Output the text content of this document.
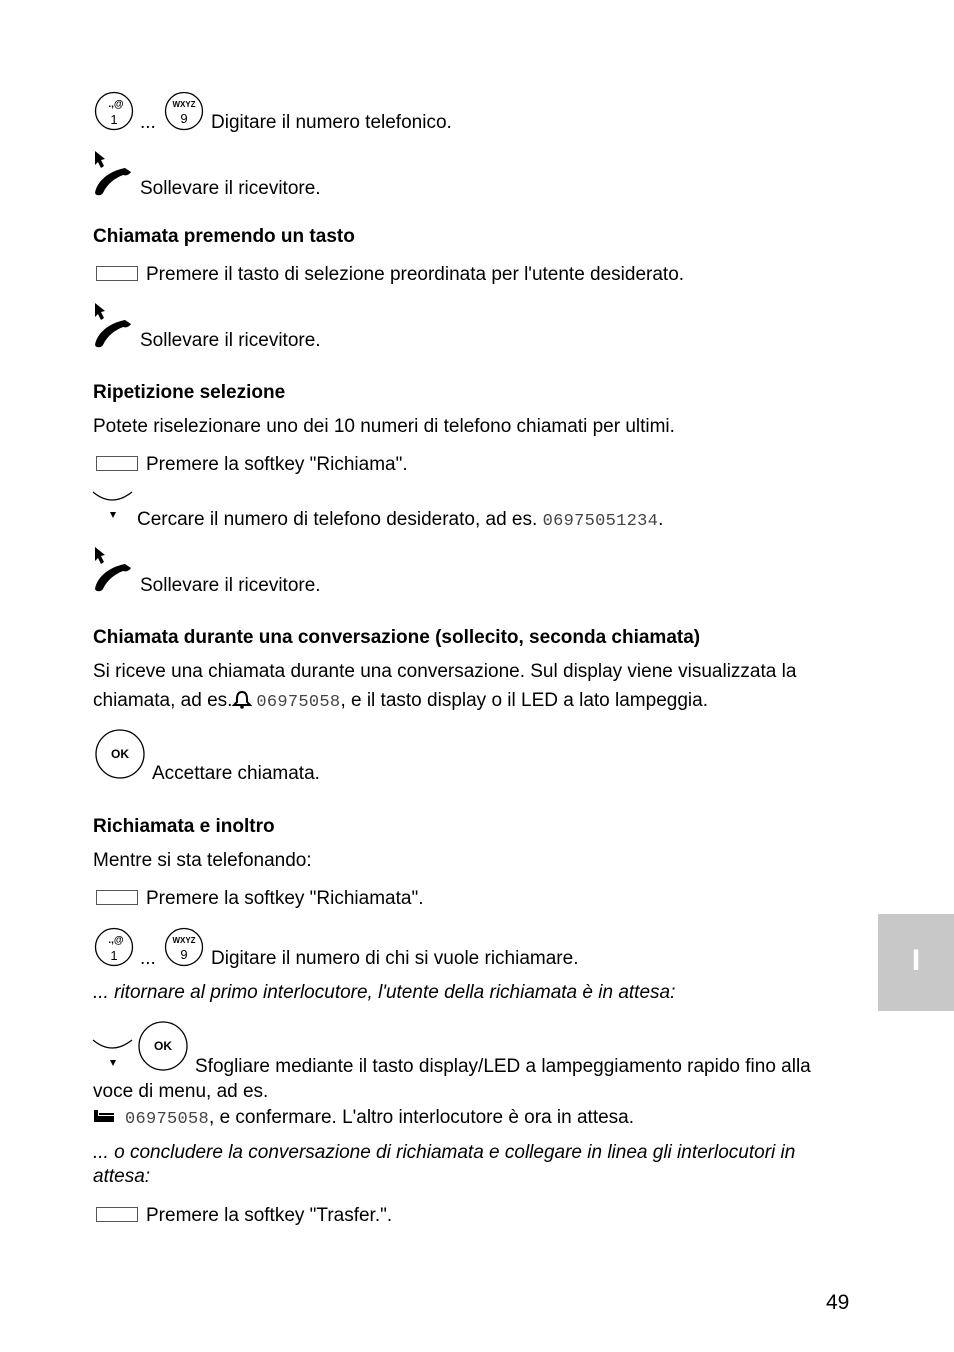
.,@
1 ...
WXYZ
9 Digitare il numero telefonico.
Sollevare il ricevitore.
Chiamata premendo un tasto
Premere il tasto di selezione preordinata per l'utente desiderato.
Sollevare il ricevitore.
Ripetizione selezione
Potete riselezionare uno dei 10 numeri di telefono chiamati per ultimi.
Premere la softkey "Richiama".
Cercare il numero di telefono desiderato, ad es. 06975051234.
Sollevare il ricevitore.
Chiamata durante una conversazione (sollecito, seconda chiamata)
Si riceve una chiamata durante una conversazione. Sul display viene visualizzata la
chiamata, ad es. 06975058, e il tasto display o il LED a lato lampeggia.
OK
Accettare chiamata.
Richiamata e inoltro
Mentre si sta telefonando:
Premere la softkey "Richiamata".
.,@
1 ...
WXYZ
9 Digitare il numero di chi si vuole richiamare.
... ritornare al primo interlocutore, l'utente della richiamata è in attesa:
OK
Sfogliare mediante il tasto display/LED a lampeggiamento rapido fino alla
voce di menu, ad es.
06975058, e confermare. L'altro interlocutore è ora in attesa.
... o concludere la conversazione di richiamata e collegare in linea gli interlocutori in
attesa:
Premere la softkey "Trasfer.".
I
49
